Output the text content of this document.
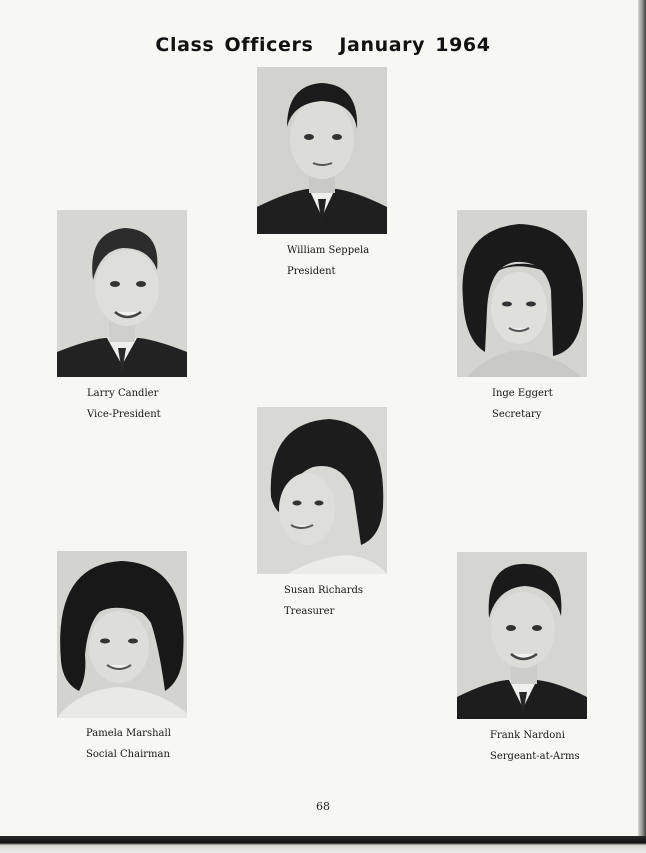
Class Officers January 1964
William Seppela
President
Larry Candler
Vice-President
Inge Eggert
Secretary
Susan Richards
Treasurer
Pamela Marshall
Social Chairman
Frank Nardoni
Sergeant-at-Arms
68
